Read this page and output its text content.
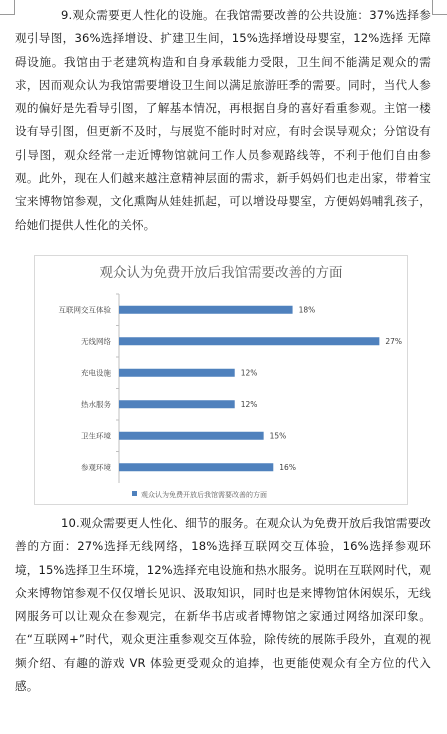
9.观众需要更人性化的设施。在我馆需要改善的公共设施：37%选择参观引导图，36%选择增设、扩建卫生间，15%选择增设母婴室，12%选择 无障碍设施。我馆由于老建筑构造和自身承载能力受限，卫生间不能满足观众的需求，因而观众认为我馆需要增设卫生间以满足旅游旺季的需要。同时，当代人参观的偏好是先看导引图，了解基本情况，再根据自身的喜好看重参观。主馆一楼设有导引图，但更新不及时，与展览不能时时对应，有时会误导观众；分馆设有引导图，观众经常一走近博物馆就问工作人员参观路线等，不利于他们自由参观。此外，现在人们越来越注意精神层面的需求，新手妈妈们也走出家，带着宝宝来博物馆参观，文化熏陶从娃娃抓起，可以增设母婴室，方便妈妈哺乳孩子，给她们提供人性化的关怀。

观众认为免费开放后我馆需要改善的方面
互联网交互体验	18%
无线网络	27%
充电设施	12%
热水服务	12%
卫生环境	15%
参观环境	16%
观众认为免费开放后我馆需要改善的方面

10.观众需要更人性化、细节的服务。在观众认为免费开放后我馆需要改善的方面：27%选择无线网络，18%选择互联网交互体验，16%选择参观环境，15%选择卫生环境，12%选择充电设施和热水服务。说明在互联网时代，观众来博物馆参观不仅仅增长见识、汲取知识，同时也是来博物馆休闲娱乐，无线网服务可以让观众在参观完，在新华书店或者博物馆之家通过网络加深印象。在“互联网+”时代，观众更注重参观交互体验，除传统的展陈手段外，直观的视频介绍、有趣的游戏 VR 体验更受观众的追捧，也更能使观众有全方位的代入感。
